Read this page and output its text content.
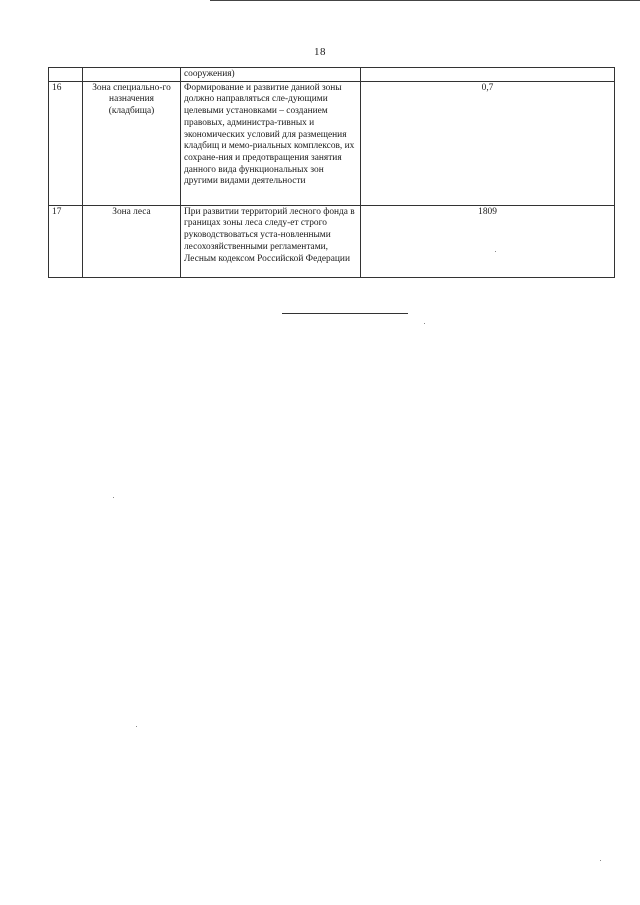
18
		сооружения)	
16	Зона специально-го назначения (кладбища)	Формирование и развитие даниой зоны должно направляться сле-дующими целевыми установками – созданием правовых, администра-тивных и экономических условий для размещения кладбищ и мемо-риальных комплексов, их сохране-ния и предотвращения занятия данного вида функциональных зон другими видами деятельности	0,7
17	Зона леса	При развитии территорий лесного фонда в границах зоны леса следу-ет строго руководствоваться уста-новленными лесохозяйственными регламентами, Лесным кодексом Российской Федерации	1809
